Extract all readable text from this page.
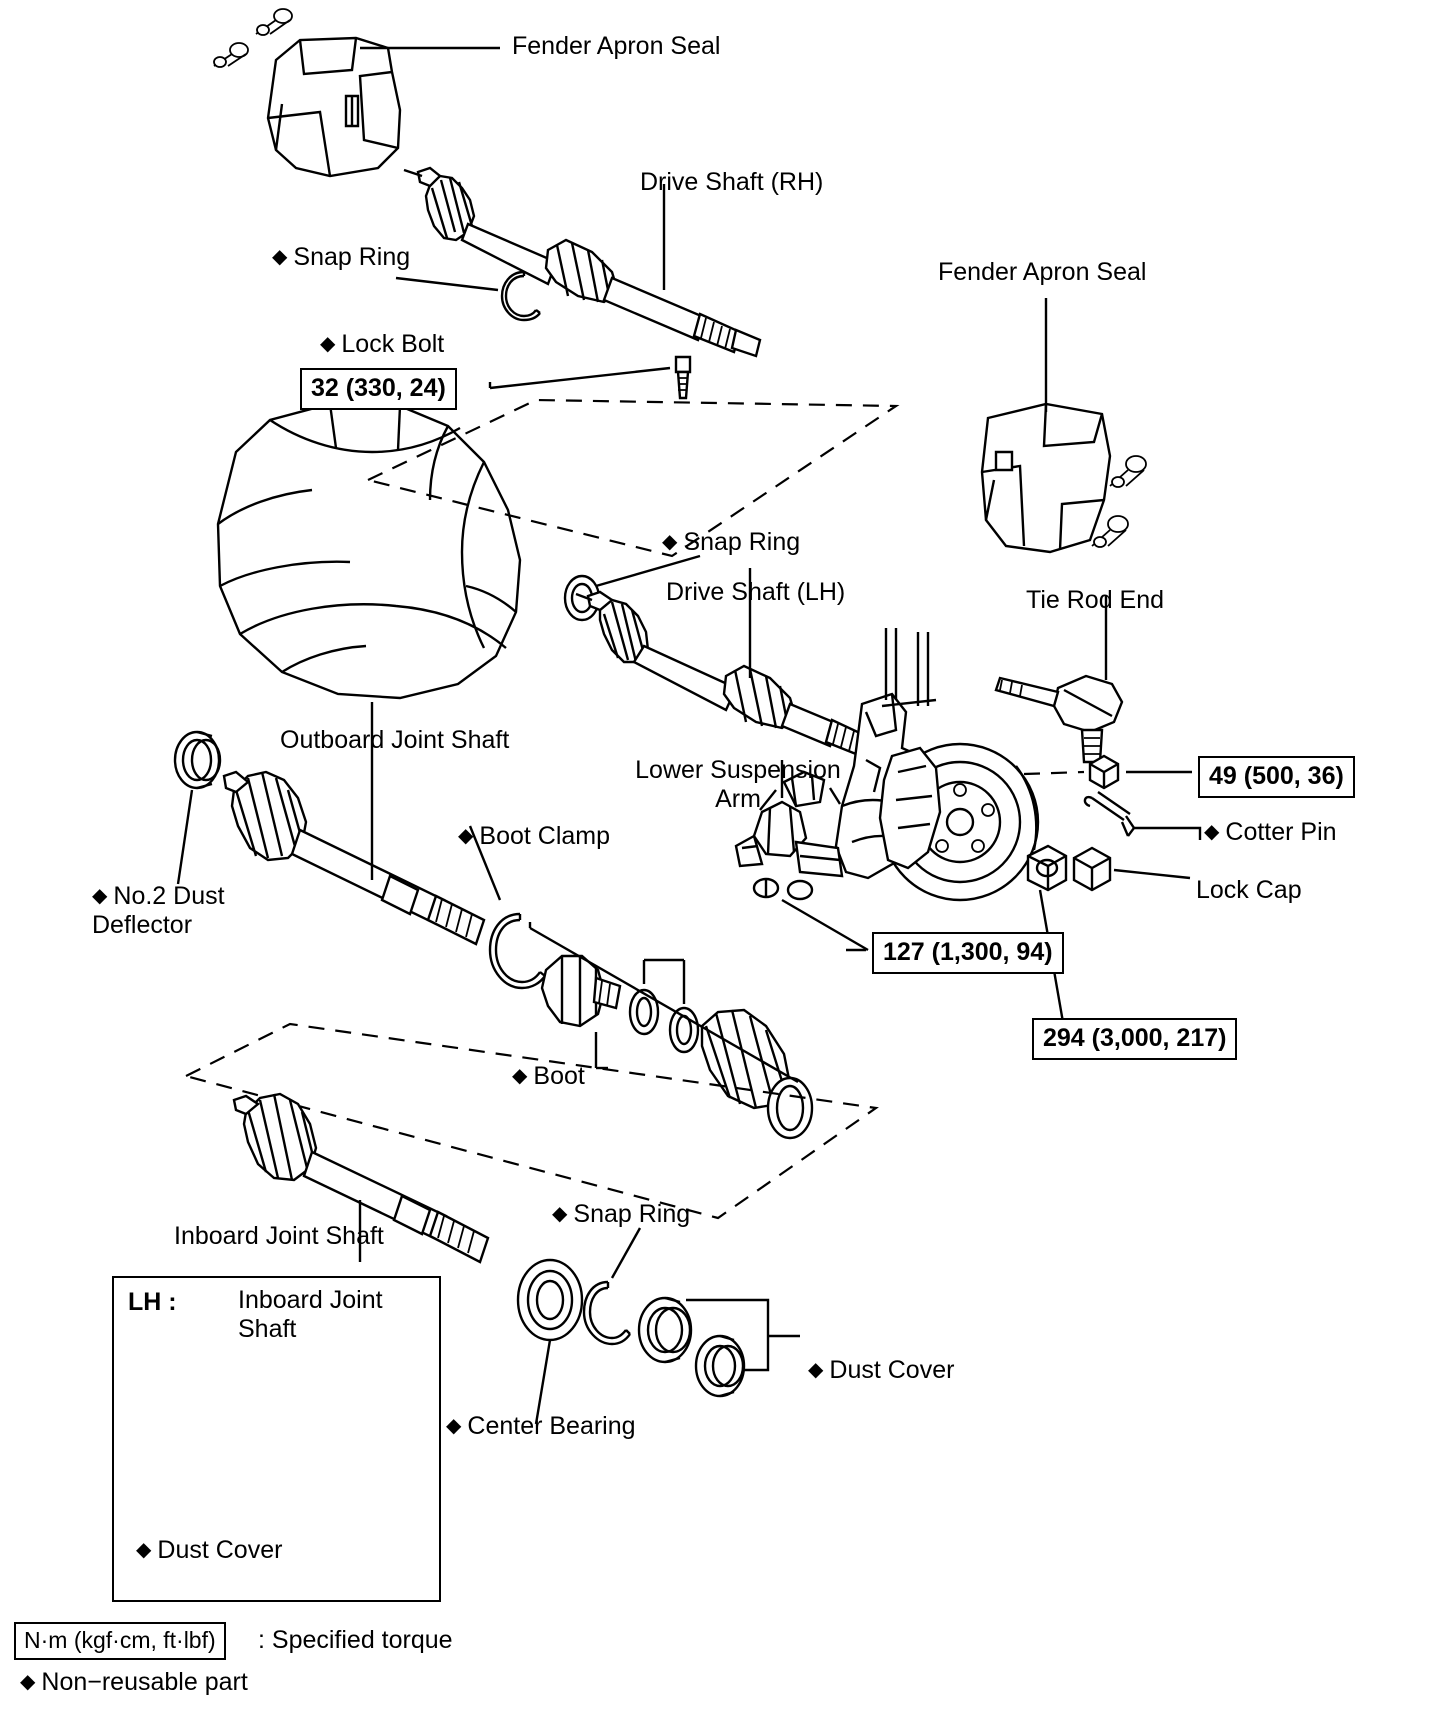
Fender Apron Seal
Drive Shaft (RH)
◆ Snap Ring
◆ Lock Bolt
32 (330, 24)
Fender Apron Seal
◆ Snap Ring
Drive Shaft (LH)	Tie Rod End
49 (500, 36)
Outboard Joint Shaft
Lower Suspension Arm
◆ Cotter Pin
Lock Cap
◆ Boot Clamp
◆ No.2 Dust Deflector
127 (1,300, 94)
◆ Boot
294 (3,000, 217)
Inboard Joint Shaft
◆ Snap Ring
◆ Center Bearing
◆ Dust Cover
LH : Inboard Joint Shaft
◆ Dust Cover
N·m (kgf·cm, ft·lbf)	: Specified torque
◆ Non−reusable part
